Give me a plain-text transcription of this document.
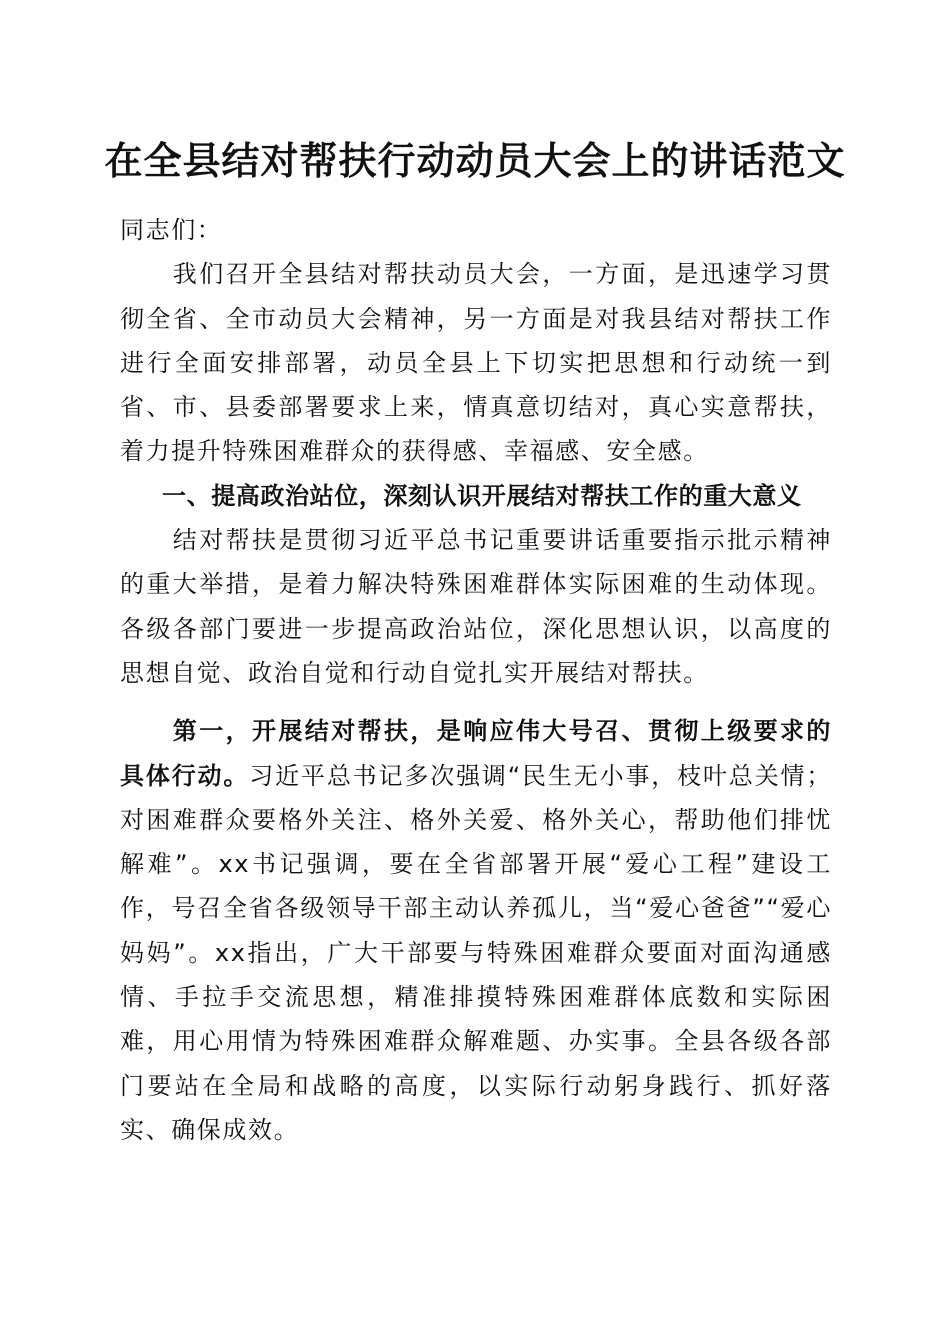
在全县结对帮扶行动动员大会上的讲话范文

同志们：

我们召开全县结对帮扶动员大会，一方面，是迅速学习贯彻全省、全市动员大会精神，另一方面是对我县结对帮扶工作进行全面安排部署，动员全县上下切实把思想和行动统一到省、市、县委部署要求上来，情真意切结对，真心实意帮扶，着力提升特殊困难群众的获得感、幸福感、安全感。

一、提高政治站位，深刻认识开展结对帮扶工作的重大意义

结对帮扶是贯彻习近平总书记重要讲话重要指示批示精神的重大举措，是着力解决特殊困难群体实际困难的生动体现。各级各部门要进一步提高政治站位，深化思想认识，以高度的思想自觉、政治自觉和行动自觉扎实开展结对帮扶。

第一，开展结对帮扶，是响应伟大号召、贯彻上级要求的具体行动。习近平总书记多次强调“民生无小事，枝叶总关情；对困难群众要格外关注、格外关爱、格外关心，帮助他们排忧解难”。xx书记强调，要在全省部署开展“爱心工程”建设工作，号召全省各级领导干部主动认养孤儿，当“爱心爸爸”“爱心妈妈”。xx指出，广大干部要与特殊困难群众要面对面沟通感情、手拉手交流思想，精准排摸特殊困难群体底数和实际困难，用心用情为特殊困难群众解难题、办实事。全县各级各部门要站在全局和战略的高度，以实际行动躬身践行、抓好落实、确保成效。
